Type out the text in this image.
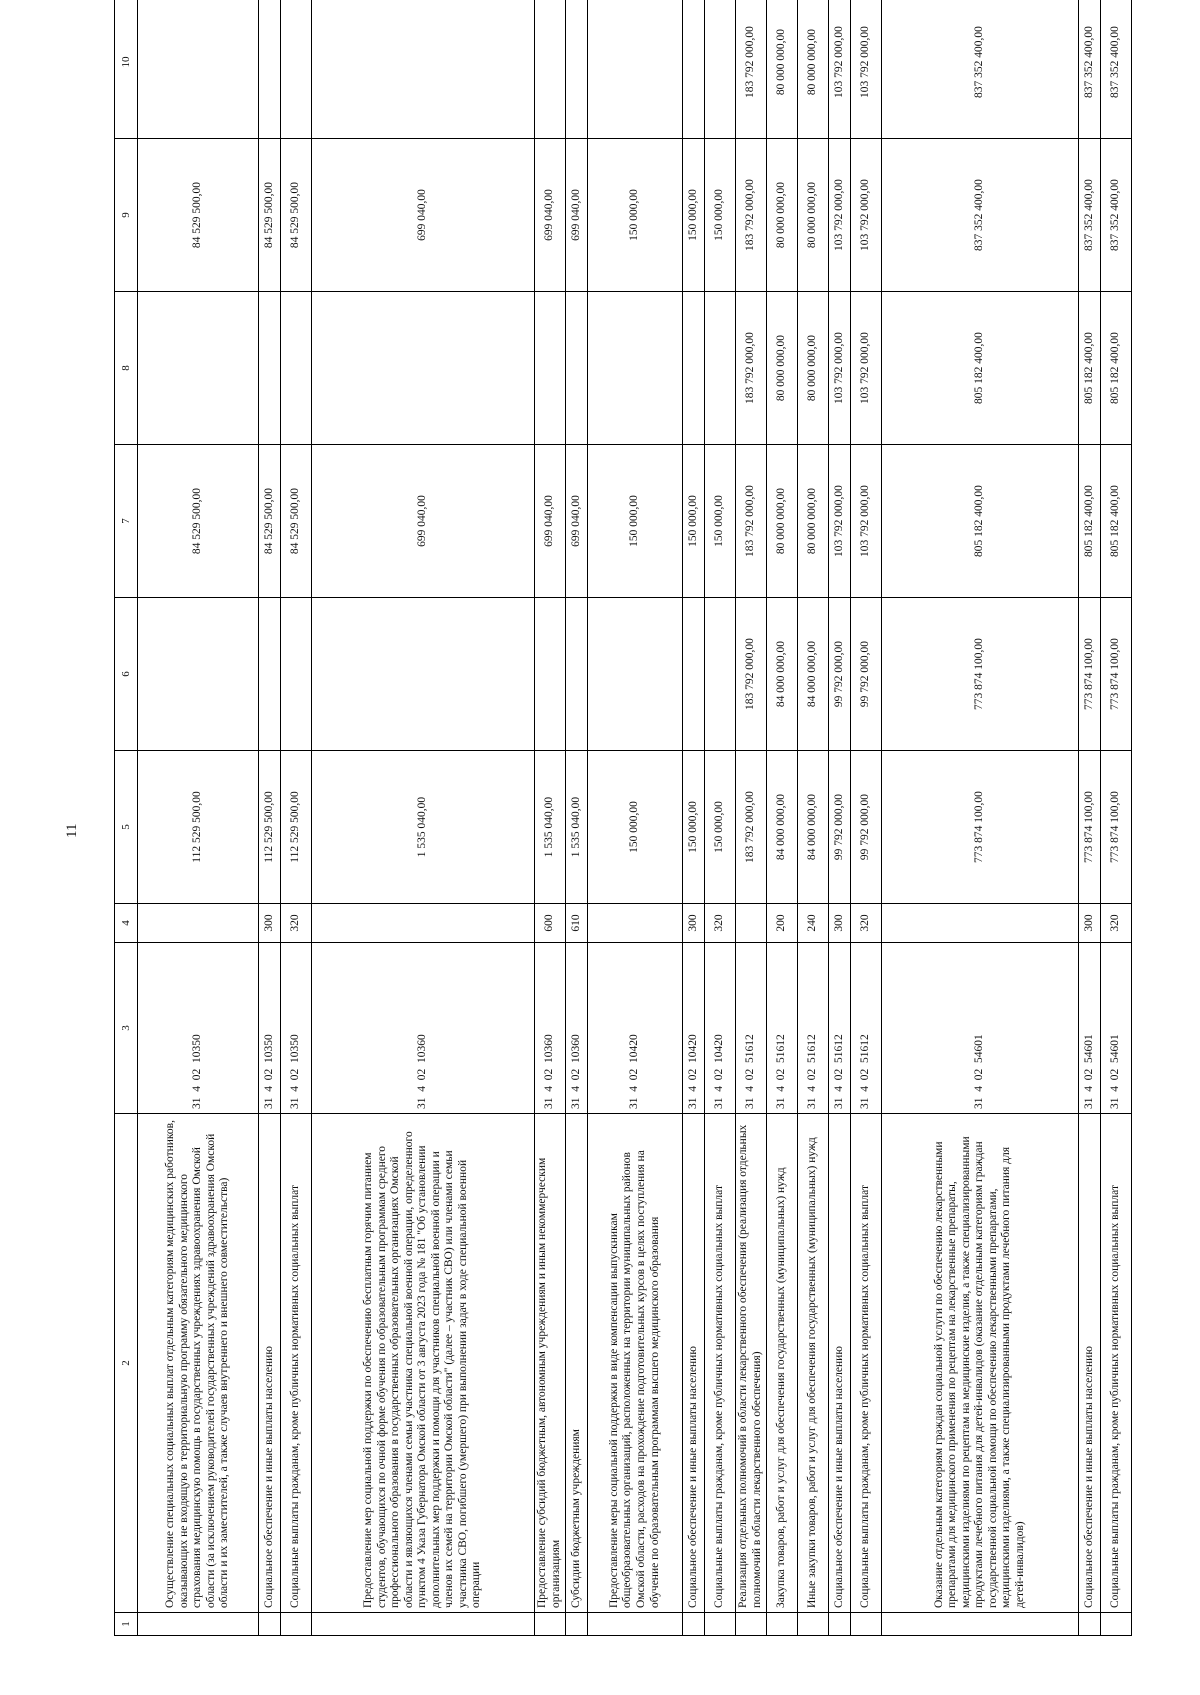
11
1	2	3	4	5	6	7	8	9	10
	Осуществление специальных социальных выплат отдельным категориям медицинских работников, оказывающих не входящую в территориальную программу обязательного медицинского страхования медицинскую помощь в государственных учреждениях здравоохранения Омской области (за исключением руководителей государственных учреждений здравоохранения Омской области и их заместителей, а также случаев внутреннего и внешнего совместительства)	31  4  02  10350		112 529 500,00		84 529 500,00		84 529 500,00	
	Социальное обеспечение и иные выплаты населению	31  4  02  10350	300	112 529 500,00		84 529 500,00		84 529 500,00	
	Социальные выплаты гражданам, кроме публичных нормативных социальных выплат	31  4  02  10350	320	112 529 500,00		84 529 500,00		84 529 500,00	
	Предоставление мер социальной поддержки по обеспечению бесплатным горячим питанием студентов, обучающихся по очной форме обучения по образовательным программам среднего профессионального образования в государственных образовательных организациях Омской области и являющихся членами семьи участника специальной военной операции, определенного пунктом 4 Указа Губернатора Омской области от 3 августа 2023 года № 181 "Об установлении дополнительных мер поддержки и помощи для участников специальной военной операции и членов их семей на территории Омской области" (далее – участник СВО) или членами семьи участника СВО, погибшего (умершего) при выполнении задач в ходе специальной военной операции	31  4  02  10360		1 535 040,00		699 040,00		699 040,00	
	Предоставление субсидий бюджетным, автономным учреждениям и иным некоммерческим организациям	31  4  02  10360	600	1 535 040,00		699 040,00		699 040,00	
	Субсидии бюджетным учреждениям	31  4  02  10360	610	1 535 040,00		699 040,00		699 040,00	
	Предоставление меры социальной поддержки в виде компенсации выпускникам общеобразовательных организаций, расположенных на территории муниципальных районов Омской области, расходов на прохождение подготовительных курсов в целях поступления на обучение по образовательным программам высшего медицинского образования	31  4  02  10420		150 000,00		150 000,00		150 000,00	
	Социальное обеспечение и иные выплаты населению	31  4  02  10420	300	150 000,00		150 000,00		150 000,00	
	Социальные выплаты гражданам, кроме публичных нормативных социальных выплат	31  4  02  10420	320	150 000,00		150 000,00		150 000,00	
	Реализация отдельных полномочий в области лекарственного обеспечения (реализация отдельных полномочий в области лекарственного обеспечения)	31  4  02  51612		183 792 000,00	183 792 000,00	183 792 000,00	183 792 000,00	183 792 000,00	183 792 000,00
	Закупка товаров, работ и услуг для обеспечения государственных (муниципальных) нужд	31  4  02  51612	200	84 000 000,00	84 000 000,00	80 000 000,00	80 000 000,00	80 000 000,00	80 000 000,00
	Иные закупки товаров, работ и услуг для обеспечения государственных (муниципальных) нужд	31  4  02  51612	240	84 000 000,00	84 000 000,00	80 000 000,00	80 000 000,00	80 000 000,00	80 000 000,00
	Социальное обеспечение и иные выплаты населению	31  4  02  51612	300	99 792 000,00	99 792 000,00	103 792 000,00	103 792 000,00	103 792 000,00	103 792 000,00
	Социальные выплаты гражданам, кроме публичных нормативных социальных выплат	31  4  02  51612	320	99 792 000,00	99 792 000,00	103 792 000,00	103 792 000,00	103 792 000,00	103 792 000,00
	Оказание отдельным категориям граждан социальной услуги по обеспечению лекарственными препаратами для медицинского применения по рецептам на лекарственные препараты, медицинскими изделиями по рецептам на медицинские изделия, а также специализированными продуктами лечебного питания для детей-инвалидов (оказание отдельным категориям граждан государственной социальной помощи по обеспечению лекарственными препаратами, медицинскими изделиями, а также специализированными продуктами лечебного питания для детей-инвалидов)	31  4  02  54601		773 874 100,00	773 874 100,00	805 182 400,00	805 182 400,00	837 352 400,00	837 352 400,00
	Социальное обеспечение и иные выплаты населению	31  4  02  54601	300	773 874 100,00	773 874 100,00	805 182 400,00	805 182 400,00	837 352 400,00	837 352 400,00
	Социальные выплаты гражданам, кроме публичных нормативных социальных выплат	31  4  02  54601	320	773 874 100,00	773 874 100,00	805 182 400,00	805 182 400,00	837 352 400,00	837 352 400,00
